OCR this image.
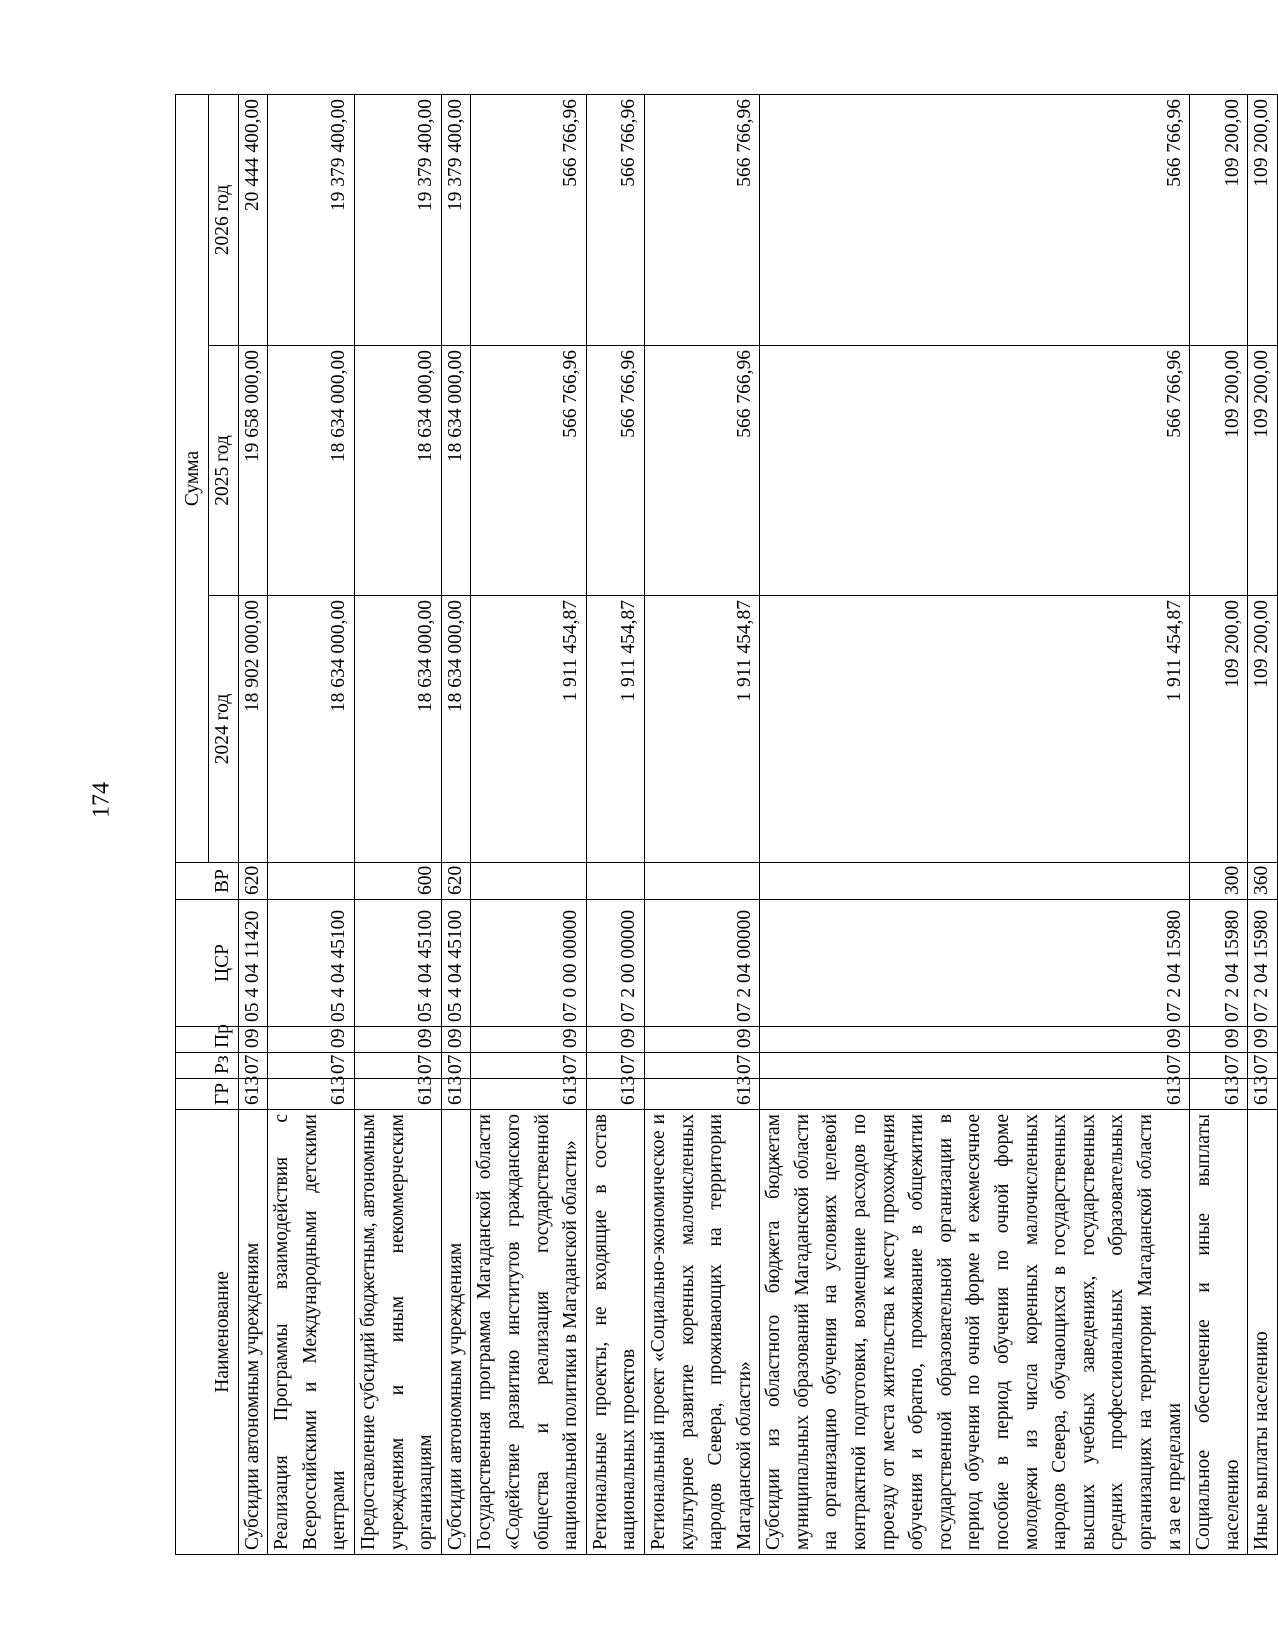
174
Наименование	ГР	Рз	Пр	ЦСР	ВР	Сумма		
						2024 год	2025 год	2026 год
Субсидии автономным учреждениям	613	07	09	05 4 04 11420	620	18 902 000,00	19 658 000,00	20 444 400,00
Реализация Программы взаимодействия с Всероссийскими и Международными детскими центрами	613	07	09	05 4 04 45100		18 634 000,00	18 634 000,00	19 379 400,00
Предоставление субсидий бюджетным, автономным учреждениям и иным некоммерческим организациям	613	07	09	05 4 04 45100	600	18 634 000,00	18 634 000,00	19 379 400,00
Субсидии автономным учреждениям	613	07	09	05 4 04 45100	620	18 634 000,00	18 634 000,00	19 379 400,00
Государственная программа Магаданской области «Содействие развитию институтов гражданского общества и реализация государственной национальной политики в Магаданской области»	613	07	09	07 0 00 00000		1 911 454,87	566 766,96	566 766,96
Региональные проекты, не входящие в состав национальных проектов	613	07	09	07 2 00 00000		1 911 454,87	566 766,96	566 766,96
Региональный проект «Социально-экономическое и культурное развитие коренных малочисленных народов Севера, проживающих на территории Магаданской области»	613	07	09	07 2 04 00000		1 911 454,87	566 766,96	566 766,96
Субсидии из областного бюджета бюджетам муниципальных образований Магаданской области на организацию обучения на условиях целевой контрактной подготовки, возмещение расходов по проезду от места жительства к месту прохождения обучения и обратно, проживание в общежитии государственной образовательной организации в период обучения по очной форме и ежемесячное пособие в период обучения по очной форме молодежи из числа коренных малочисленных народов Севера, обучающихся в государственных высших учебных заведениях, государственных средних профессиональных образовательных организациях на территории Магаданской области и за ее пределами	613	07	09	07 2 04 15980		1 911 454,87	566 766,96	566 766,96
Социальное обеспечение и иные выплаты населению	613	07	09	07 2 04 15980	300	109 200,00	109 200,00	109 200,00
Иные выплаты населению	613	07	09	07 2 04 15980	360	109 200,00	109 200,00	109 200,00
